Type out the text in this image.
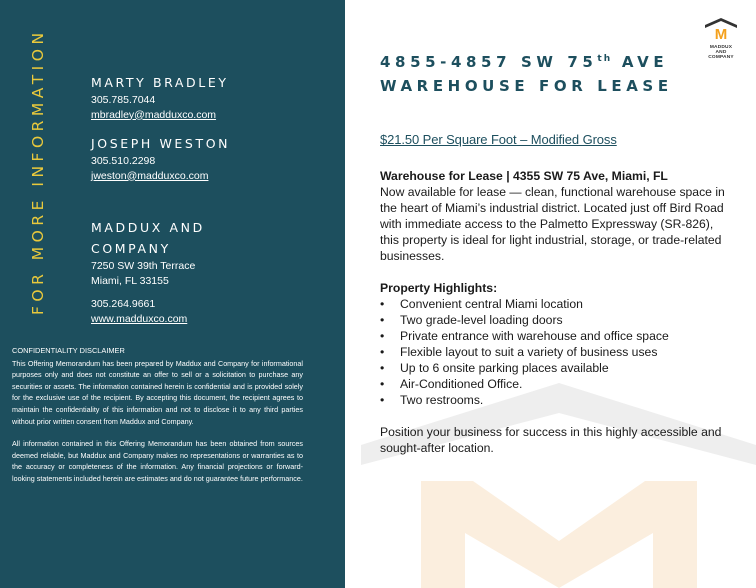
FOR MORE INFORMATION	MARTY BRADLEY
305.785.7044
mbradley@madduxco.com
JOSEPH WESTON
305.510.2298
jweston@madduxco.com
MADDUX AND
COMPANY
7250 SW 39th Terrace
Miami, FL 33155
305.264.9661
www.madduxco.com
CONFIDENTIALITY DISCLAIMER

This Offering Memorandum has been prepared by Maddux and Company for informational purposes only and does not constitute an offer to sell or a solicitation to purchase any securities or assets. The information contained herein is confidential and is provided solely for the exclusive use of the recipient. By accepting this document, the recipient agrees to maintain the confidentiality of this information and not to disclose it to any third parties without prior written consent from Maddux and Company.

All information contained in this Offering Memorandum has been obtained from sources deemed reliable, but Maddux and Company makes no representations or warranties as to the accuracy or completeness of the information. Any financial projections or forward-looking statements included herein are estimates and do not guarantee future performance.

M
MADDUX
AND COMPANY
4855-4857 SW 75th AVE
WAREHOUSE FOR LEASE
$21.50 Per Square Foot – Modified Gross
Warehouse for Lease | 4355 SW 75 Ave, Miami, FL
Now available for lease — clean, functional warehouse space in the heart of Miami’s industrial district. Located just off Bird Road with immediate access to the Palmetto Expressway (SR-826), this property is ideal for light industrial, storage, or trade-related businesses.
Property Highlights:
• Convenient central Miami location
• Two grade-level loading doors
• Private entrance with warehouse and office space
• Flexible layout to suit a variety of business uses
• Up to 6 onsite parking places available
• Air-Conditioned Office.
• Two restrooms.
Position your business for success in this highly accessible and sought-after location.
